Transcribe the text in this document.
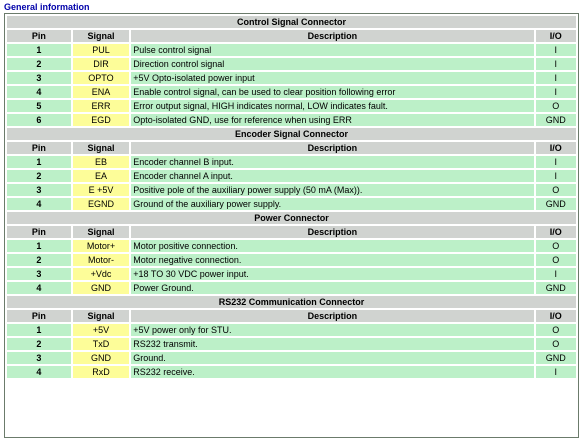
General information
Control Signal Connector			
Pin	Signal	Description	I/O
1	PUL	Pulse control signal	I
2	DIR	Direction control signal	I
3	OPTO	+5V Opto-isolated power input	I
4	ENA	Enable control signal, can be used to clear position following error	I
5	ERR	Error output signal, HIGH indicates normal, LOW indicates fault.	O
6	EGD	Opto-isolated GND, use for reference when using ERR	GND
Encoder Signal Connector			
Pin	Signal	Description	I/O
1	EB	Encoder channel B input.	I
2	EA	Encoder channel A input.	I
3	E +5V	Positive pole of the auxiliary power supply (50 mA (Max)).	O
4	EGND	Ground of the auxiliary power supply.	GND
Power Connector			
Pin	Signal	Description	I/O
1	Motor+	Motor positive connection.	O
2	Motor-	Motor negative connection.	O
3	+Vdc	+18 TO 30 VDC power input.	I
4	GND	Power Ground.	GND
RS232 Communication Connector			
Pin	Signal	Description	I/O
1	+5V	+5V power only for STU.	O
2	TxD	RS232 transmit.	O
3	GND	Ground.	GND
4	RxD	RS232 receive.	I
